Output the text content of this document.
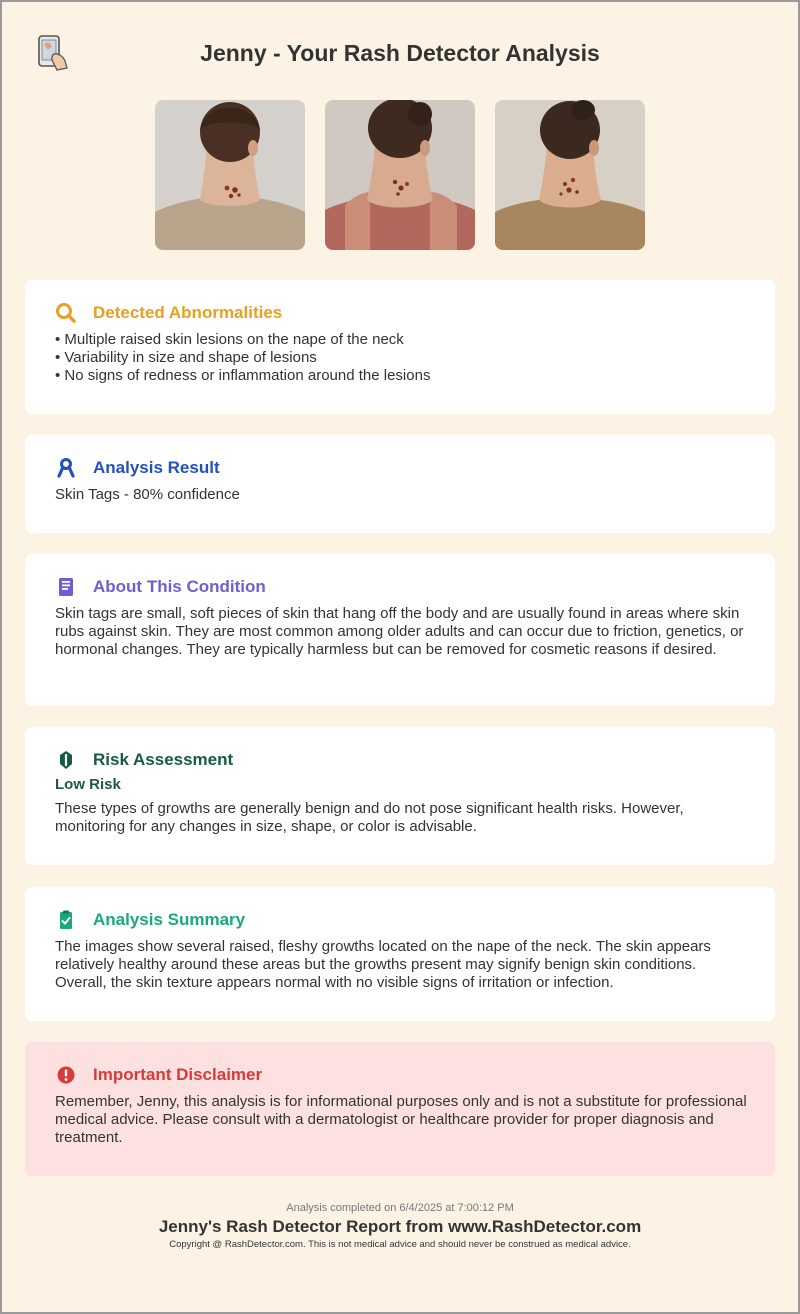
Jenny - Your Rash Detector Analysis
Detected Abnormalities
• Multiple raised skin lesions on the nape of the neck
• Variability in size and shape of lesions
• No signs of redness or inflammation around the lesions
Analysis Result
Skin Tags - 80% confidence
About This Condition
Skin tags are small, soft pieces of skin that hang off the body and are usually found in areas where skin rubs against skin. They are most common among older adults and can occur due to friction, genetics, or hormonal changes. They are typically harmless but can be removed for cosmetic reasons if desired.
Risk Assessment
Low Risk
These types of growths are generally benign and do not pose significant health risks. However, monitoring for any changes in size, shape, or color is advisable.
Analysis Summary
The images show several raised, fleshy growths located on the nape of the neck. The skin appears relatively healthy around these areas but the growths present may signify benign skin conditions. Overall, the skin texture appears normal with no visible signs of irritation or infection.
Important Disclaimer
Remember, Jenny, this analysis is for informational purposes only and is not a substitute for professional medical advice. Please consult with a dermatologist or healthcare provider for proper diagnosis and treatment.
Analysis completed on 6/4/2025 at 7:00:12 PM
Jenny's Rash Detector Report from www.RashDetector.com
Copyright @ RashDetector.com. This is not medical advice and should never be construed as medical advice.
